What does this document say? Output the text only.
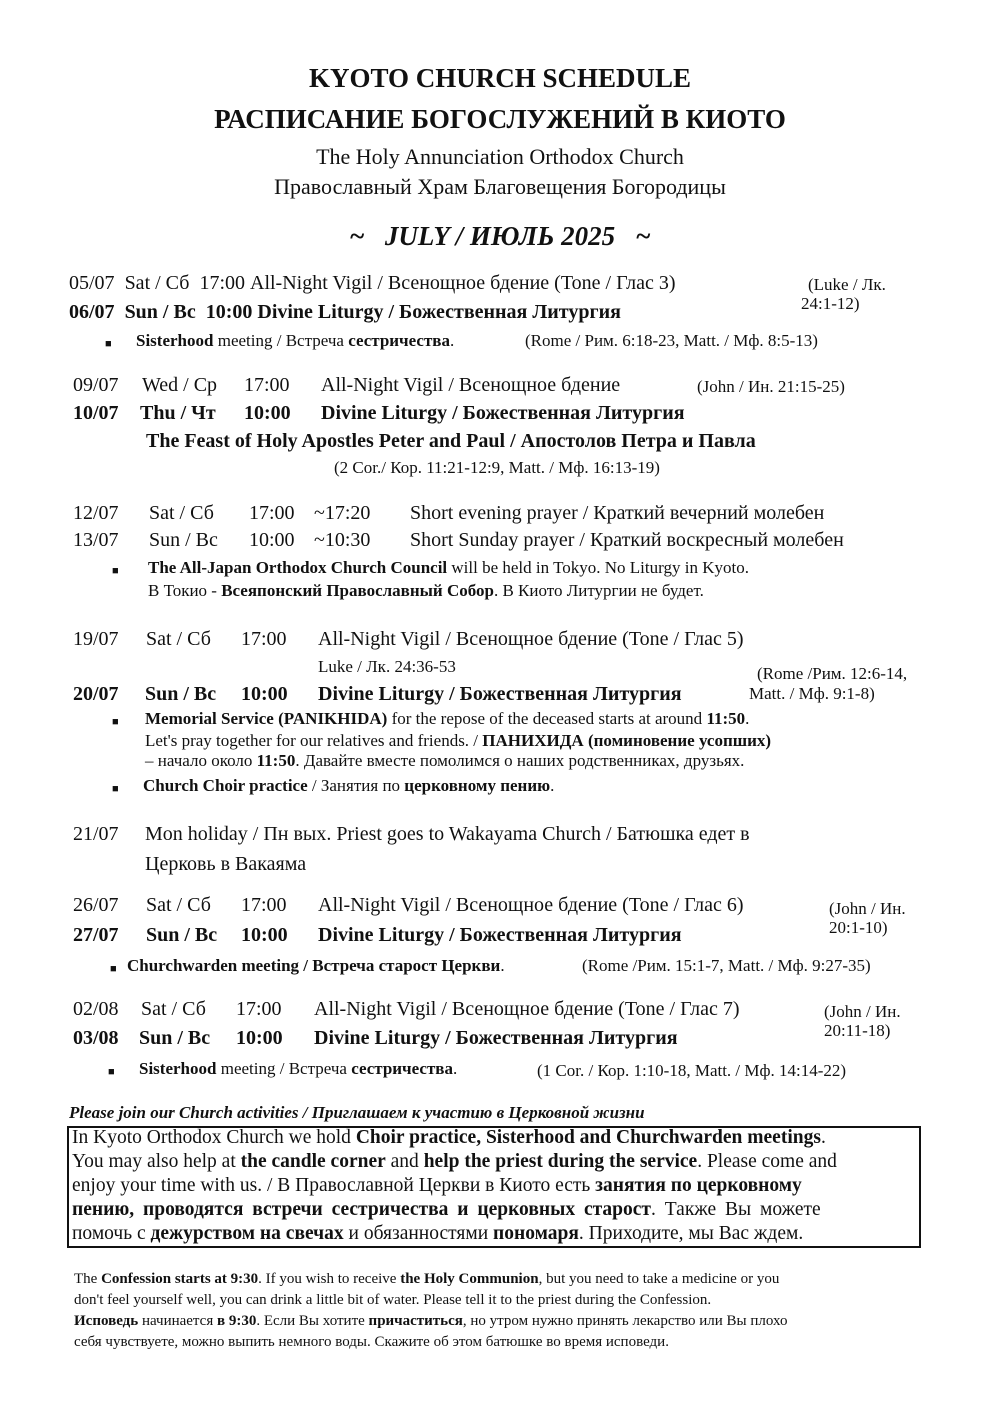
KYOTO CHURCH SCHEDULE
РАСПИСАНИЕ БОГОСЛУЖЕНИЙ В КИОТО
The Holy Annunciation Orthodox Church
Православный Храм Благовещения Богородицы
~   JULY / ИЮЛЬ 2025   ~
05/07 Sat / Сб 17:00 All-Night Vigil / Всенощное бдение (Tone / Глас 3)	(Luke / Лк.
24:1-12)
06/07 Sun / Вс 10:00 Divine Liturgy / Божественная Литургия
■ Sisterhood meeting / Встреча сестричества.	(Rome / Рим. 6:18-23, Matt. / Мф. 8:5-13)
09/07 Wed / Ср 17:00 All-Night Vigil / Всенощное бдение	(John / Ин. 21:15-25)
10/07 Thu / Чт 10:00 Divine Liturgy / Божественная Литургия
The Feast of Holy Apostles Peter and Paul / Апостолов Петра и Павла
(2 Cor./ Кор. 11:21-12:9, Matt. / Мф. 16:13-19)
12/07 Sat / Сб 17:00 ~17:20 Short evening prayer / Краткий вечерний молебен
13/07 Sun / Вс 10:00 ~10:30 Short Sunday prayer / Краткий воскресный молебен
■ The All-Japan Orthodox Church Council will be held in Tokyo. No Liturgy in Kyoto.
В Токио - Всеяпонский Православный Собор. В Киото Литургии не будет.
19/07 Sat / Сб 17:00 All-Night Vigil / Всенощное бдение (Tone / Глас 5)
Luke / Лк. 24:36-53	(Rome /Рим. 12:6-14,
Matt. / Мф. 9:1-8)
20/07 Sun / Вс 10:00 Divine Liturgy / Божественная Литургия
■ Memorial Service (PANIKHIDA) for the repose of the deceased starts at around 11:50.
Let's pray together for our relatives and friends. / ПАНИХИДА (поминовение усопших)
– начало около 11:50. Давайте вместе помолимся о наших родственниках, друзьях.
■ Church Choir practice / Занятия по церковному пению.
21/07 Mon holiday / Пн вых. Priest goes to Wakayama Church / Батюшка едет в
Церковь в Вакаяма
26/07 Sat / Сб 17:00 All-Night Vigil / Всенощное бдение (Tone / Глас 6)	(John / Ин.
20:1-10)
27/07 Sun / Вс 10:00 Divine Liturgy / Божественная Литургия
■ Churchwarden meeting / Встреча старост Церкви.	(Rome /Рим. 15:1-7, Matt. / Мф. 9:27-35)
02/08 Sat / Сб 17:00 All-Night Vigil / Всенощное бдение (Tone / Глас 7)	(John / Ин.
20:11-18)
03/08 Sun / Вс 10:00 Divine Liturgy / Божественная Литургия
■ Sisterhood meeting / Встреча сестричества.	(1 Cor. / Кор. 1:10-18, Matt. / Мф. 14:14-22)
Please join our Church activities / Приглашаем к участию в Церковной жизни
In Kyoto Orthodox Church we hold Choir practice, Sisterhood and Churchwarden meetings.
You may also help at the candle corner and help the priest during the service. Please come and
enjoy your time with us. / В Православной Церкви в Киото есть занятия по церковному
пению, проводятся встречи сестричества и церковных старост. Также Вы можете
помочь с дежурством на свечах и обязанностями пономаря. Приходите, мы Вас ждем.
The Confession starts at 9:30. If you wish to receive the Holy Communion, but you need to take a medicine or you
don't feel yourself well, you can drink a little bit of water. Please tell it to the priest during the Confession.
Исповедь начинается в 9:30. Если Вы хотите причаститься, но утром нужно принять лекарство или Вы плохо
себя чувствуете, можно выпить немного воды. Скажите об этом батюшке во время исповеди.
